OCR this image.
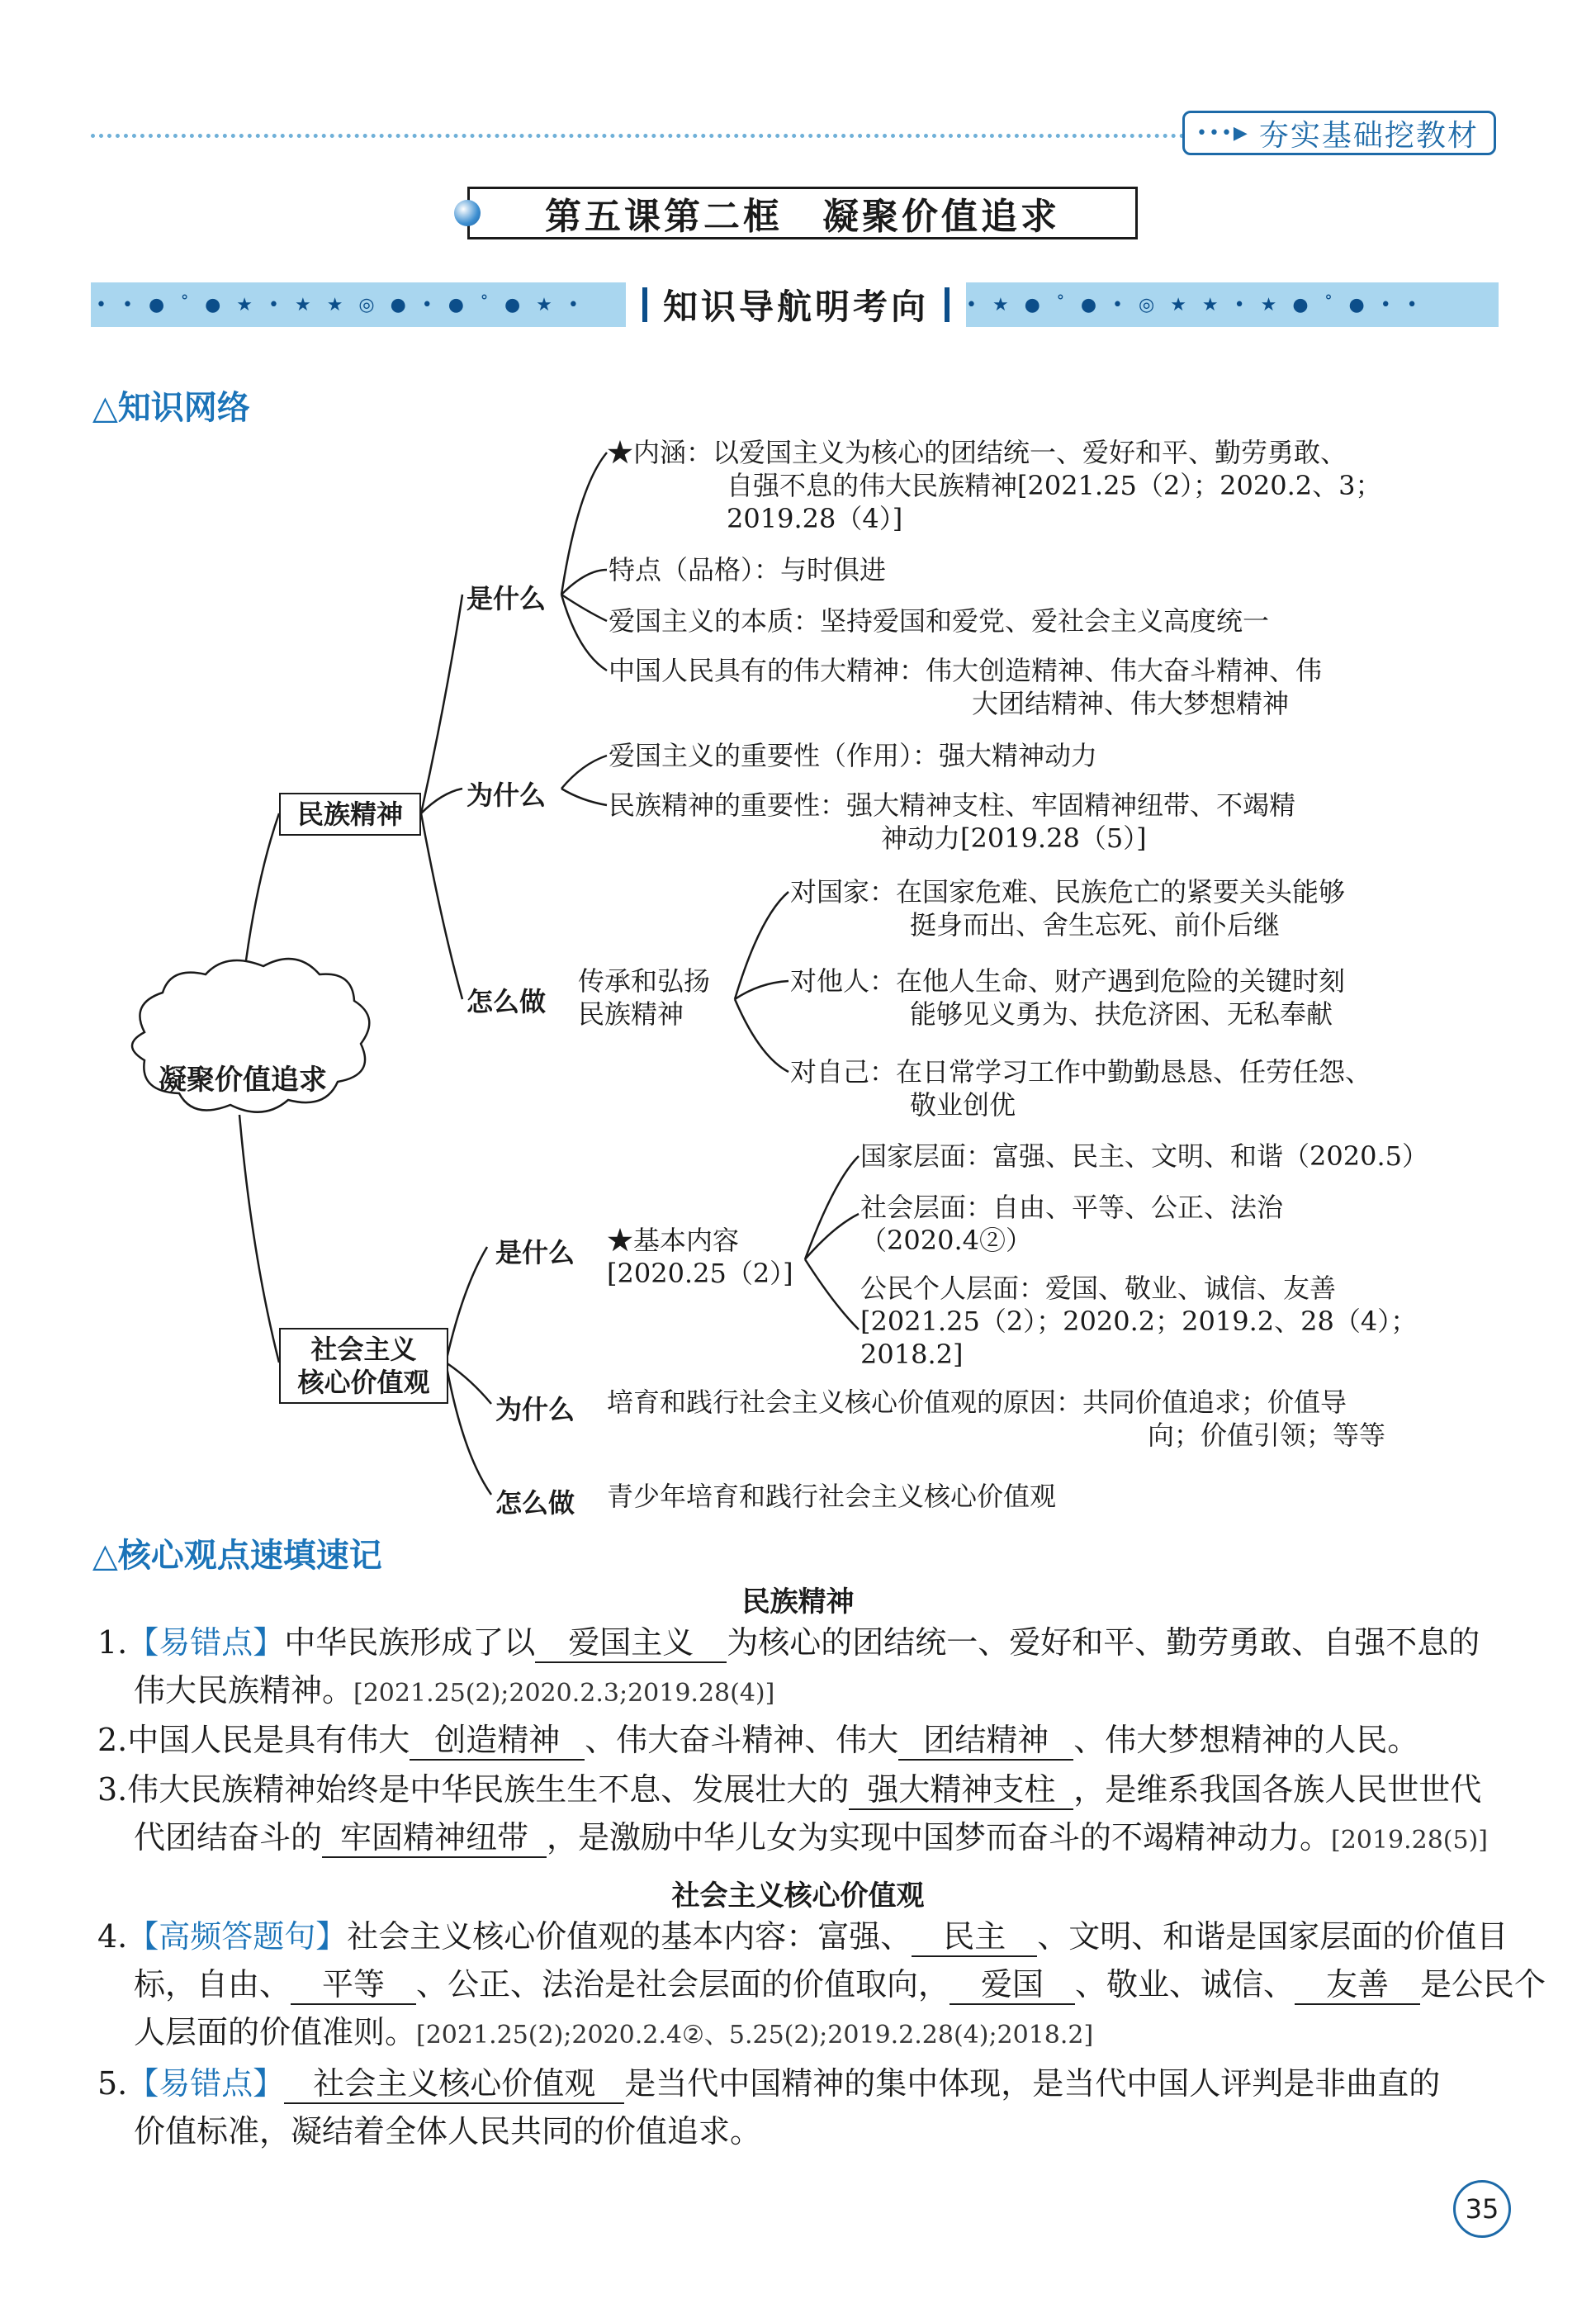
•••▶ 夯实基础挖教材
第五课第二框　凝聚价值追求
• • ● ˚ ● ★ • ★ ★ ◎ ● • ● ˚ ● ★ •	知识导航明考向	• ★ ● ˚ ● • ◎ ★ ★ • ★ ● ˚ ● • •
△知识网络
凝聚价值追求
民族精神
社会主义
核心价值观
是什么
★内涵：以爱国主义为核心的团结统一、爱好和平、勤劳勇敢、
自强不息的伟大民族精神[2021.25（2）；2020.2、3；
2019.28（4）]
特点（品格）：与时俱进
爱国主义的本质：坚持爱国和爱党、爱社会主义高度统一
中国人民具有的伟大精神：伟大创造精神、伟大奋斗精神、伟
大团结精神、伟大梦想精神
为什么
爱国主义的重要性（作用）：强大精神动力
民族精神的重要性：强大精神支柱、牢固精神纽带、不竭精
神动力[2019.28（5）]
怎么做
传承和弘扬
民族精神
对国家：在国家危难、民族危亡的紧要关头能够
挺身而出、舍生忘死、前仆后继
对他人：在他人生命、财产遇到危险的关键时刻
能够见义勇为、扶危济困、无私奉献
对自己：在日常学习工作中勤勤恳恳、任劳任怨、
敬业创优
是什么 ★基本内容
[2020.25（2）]
国家层面：富强、民主、文明、和谐（2020.5）
社会层面：自由、平等、公正、法治
（2020.4②）
公民个人层面：爱国、敬业、诚信、友善
[2021.25（2）；2020.2；2019.2、28（4）；
2018.2]
为什么 培育和践行社会主义核心价值观的原因：共同价值追求；价值导
向；价值引领；等等
怎么做 青少年培育和践行社会主义核心价值观
△核心观点速填速记
民族精神
1.【易错点】中华民族形成了以 爱国主义 为核心的团结统一、爱好和平、勤劳勇敢、自强不息的
伟大民族精神。[2021.25(2);2020.2.3;2019.28(4)]
2.中国人民是具有伟大 创造精神 、伟大奋斗精神、伟大 团结精神 、伟大梦想精神的人民。
3.伟大民族精神始终是中华民族生生不息、发展壮大的 强大精神支柱 ，是维系我国各族人民世世代
代团结奋斗的 牢固精神纽带 ，是激励中华儿女为实现中国梦而奋斗的不竭精神动力。[2019.28(5)]
社会主义核心价值观
4.【高频答题句】社会主义核心价值观的基本内容：富强、 民主 、文明、和谐是国家层面的价值目
标，自由、 平等 、公正、法治是社会层面的价值取向， 爱国 、敬业、诚信、 友善 是公民个
人层面的价值准则。[2021.25(2);2020.2.4②、5.25(2);2019.2.28(4);2018.2]
5.【易错点】 社会主义核心价值观 是当代中国精神的集中体现，是当代中国人评判是非曲直的
价值标准，凝结着全体人民共同的价值追求。
35
